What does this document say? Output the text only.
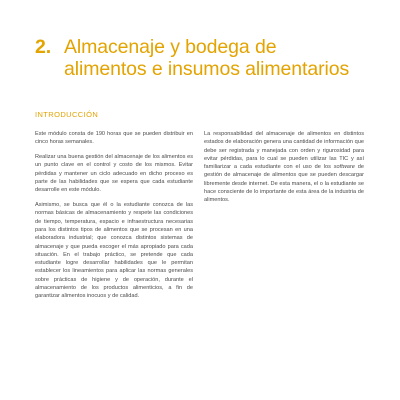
2. Almacenaje y bodega de
alimentos e insumos alimentarios
INTRODUCCIÓN

Este módulo consta de 190 horas que se pueden distribuir en cinco horas semanales.

Realizar una buena gestión del almacenaje de los alimentos es un punto clave en el control y costo de los mismos. Evitar pérdidas y mantener un ciclo adecuado en dicho proceso es parte de las habilidades que se espera que cada estudiante desarrolle en este módulo.

Asimismo, se busca que él o la estudiante conozca de las normas básicas de almacenamiento y respete las condiciones de tiempo, temperatura, espacio e infraestructura necesarias para los distintos tipos de alimentos que se procesan en una elaboradora industrial; que conozca distintos sistemas de almacenaje y que pueda escoger el más apropiado para cada situación. En el trabajo práctico, se pretende que cada estudiante logre desarrollar habilidades que le permitan establecer los lineamientos para aplicar las normas generales sobre prácticas de higiene y de operación, durante el almacenamiento de los productos alimenticios, a fin de garantizar alimentos inocuos y de calidad.

La responsabilidad del almacenaje de alimentos en distintos estados de elaboración genera una cantidad de información que debe ser registrada y manejada con orden y rigurosidad para evitar pérdidas, para lo cual se pueden utilizar las TIC y así familiarizar a cada estudiante con el uso de los software de gestión de almacenaje de alimentos que se pueden descargar libremente desde internet. De esta manera, el o la estudiante se hace consciente de lo importante de esta área de la industria de alimentos.
